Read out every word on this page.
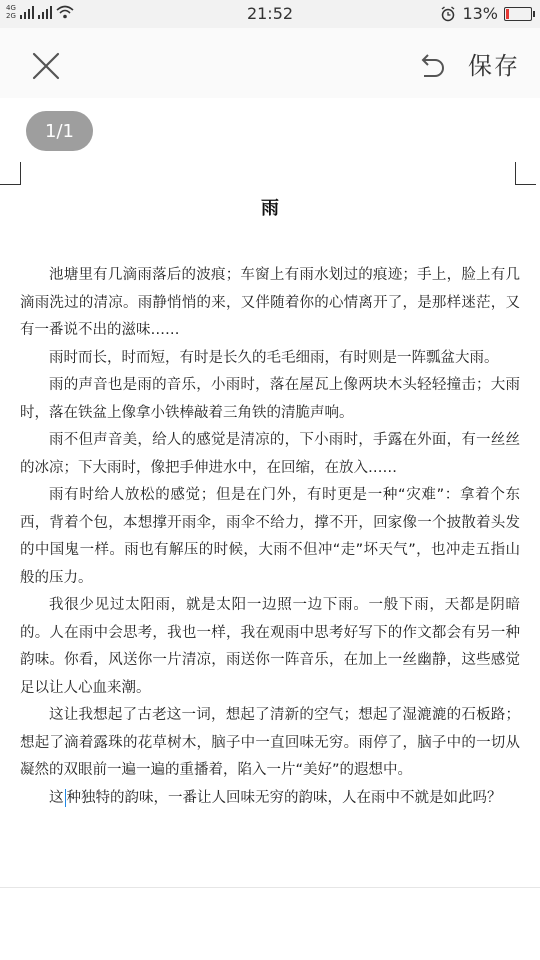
4G
2G	21:52	13%
保存
1/1
雨

池塘里有几滴雨落后的波痕；车窗上有雨水划过的痕迹；手上，脸上有几滴雨洗过的清凉。雨静悄悄的来，又伴随着你的心情离开了，是那样迷茫，又有一番说不出的滋味……

雨时而长，时而短，有时是长久的毛毛细雨，有时则是一阵瓢盆大雨。

雨的声音也是雨的音乐，小雨时，落在屋瓦上像两块木头轻轻撞击；大雨时，落在铁盆上像拿小铁棒敲着三角铁的清脆声响。

雨不但声音美，给人的感觉是清凉的，下小雨时，手露在外面，有一丝丝的冰凉；下大雨时，像把手伸进水中，在回缩，在放入……

雨有时给人放松的感觉；但是在门外，有时更是一种“灾难”：拿着个东西，背着个包，本想撑开雨伞，雨伞不给力，撑不开，回家像一个披散着头发的中国鬼一样。雨也有解压的时候，大雨不但冲“走”坏天气”，也冲走五指山般的压力。

我很少见过太阳雨，就是太阳一边照一边下雨。一般下雨，天都是阴暗的。人在雨中会思考，我也一样，我在观雨中思考好写下的作文都会有另一种韵味。你看，风送你一片清凉，雨送你一阵音乐，在加上一丝幽静，这些感觉足以让人心血来潮。

这让我想起了古老这一词，想起了清新的空气；想起了湿漉漉的石板路；想起了滴着露珠的花草树木，脑子中一直回味无穷。雨停了，脑子中的一切从凝然的双眼前一遍一遍的重播着，陷入一片“美好”的遐想中。

这 种独特的韵味，一番让人回味无穷的韵味，人在雨中不就是如此吗？
